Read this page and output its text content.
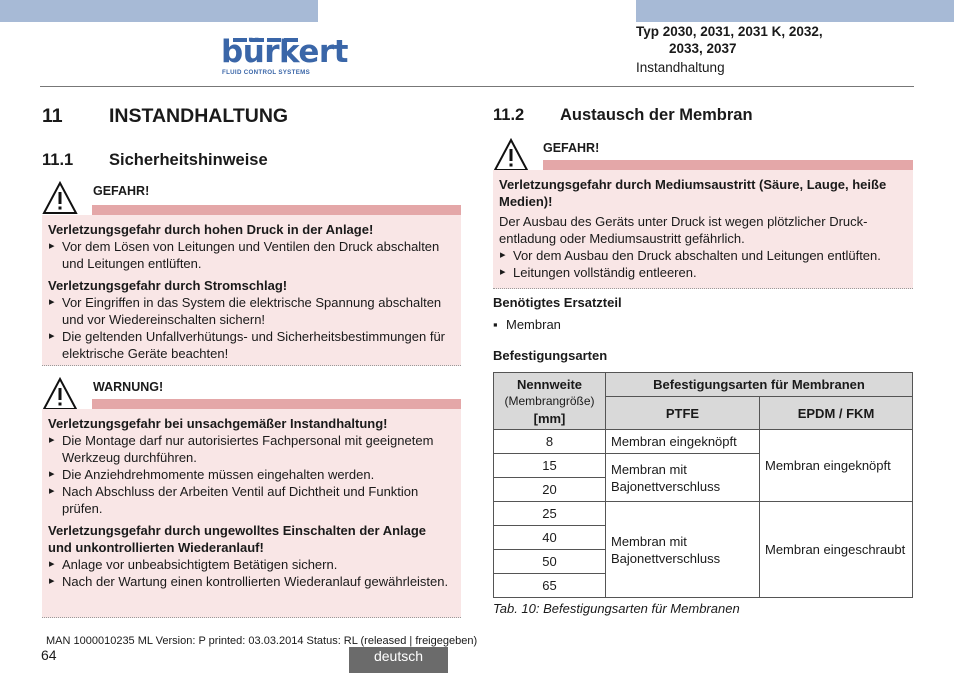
bürkert
FLUID CONTROL SYSTEMS
Typ 2030, 2031, 2031 K, 2032,
2033, 2037
Instandhaltung
11 INSTANDHALTUNG
11.1 Sicherheitshinweise
GEFAHR!
Verletzungsgefahr durch hohen Druck in der Anlage!
▸ Vor dem Lösen von Leitungen und Ventilen den Druck abschalten und Leitungen entlüften.
Verletzungsgefahr durch Stromschlag!
▸ Vor Eingriffen in das System die elektrische Spannung abschalten und vor Wiedereinschalten sichern!
▸ Die geltenden Unfallverhütungs- und Sicherheitsbestimmungen für elektrische Geräte beachten!
WARNUNG!
Verletzungsgefahr bei unsachgemäßer Instandhaltung!
▸ Die Montage darf nur autorisiertes Fachpersonal mit geeignetem Werkzeug durchführen.
▸ Die Anziehdrehmomente müssen eingehalten werden.
▸ Nach Abschluss der Arbeiten Ventil auf Dichtheit und Funktion prüfen.
Verletzungsgefahr durch ungewolltes Einschalten der Anlage und unkontrollierten Wiederanlauf!
▸ Anlage vor unbeabsichtigtem Betätigen sichern.
▸ Nach der Wartung einen kontrollierten Wiederanlauf gewährleisten.
11.2 Austausch der Membran
GEFAHR!
Verletzungsgefahr durch Mediumsaustritt (Säure, Lauge, heiße Medien)!
Der Ausbau des Geräts unter Druck ist wegen plötzlicher Druckentladung oder Mediumsaustritt gefährlich.
▸ Vor dem Ausbau den Druck abschalten und Leitungen entlüften.
▸ Leitungen vollständig entleeren.
Benötigtes Ersatzteil
▪ Membran
Befestigungsarten
Nennweite
(Membrangröße)
[mm]	Befestigungsarten für Membranen	
	PTFE	EPDM / FKM
8	Membran eingeknöpft	Membran eingeknöpft
15	Membran mit Bajonettverschluss	
20		
25	Membran mit Bajonettverschluss	Membran eingeschraubt
40		
50		
65		
Tab. 10: Befestigungsarten für Membranen
MAN 1000010235 ML Version: P printed: 03.03.2014 Status: RL (released | freigegeben)
64	deutsch
